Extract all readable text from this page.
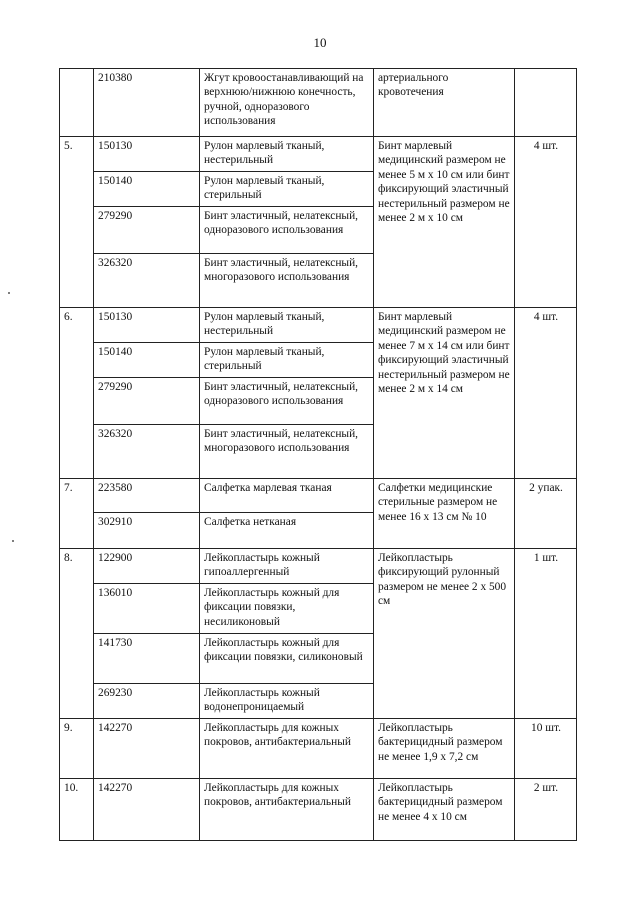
10
	210380	Жгут кровоостанавливающий на верхнюю/нижнюю конечность, ручной, одноразового использования	артериального кровотечения	
5.	150130	Рулон марлевый тканый, нестерильный	Бинт марлевый медицинский размером не менее 5 м x 10 см или бинт фиксирующий эластичный нестерильный размером не менее 2 м x 10 см	4 шт.
	150140	Рулон марлевый тканый, стерильный		
	279290	Бинт эластичный, нелатексный, одноразового использования		
	326320	Бинт эластичный, нелатексный, многоразового использования		
6.	150130	Рулон марлевый тканый, нестерильный	Бинт марлевый медицинский размером не менее 7 м x 14 см или бинт фиксирующий эластичный нестерильный размером не менее 2 м x 14 см	4 шт.
	150140	Рулон марлевый тканый, стерильный		
	279290	Бинт эластичный, нелатексный, одноразового использования		
	326320	Бинт эластичный, нелатексный, многоразового использования		
7.	223580	Салфетка марлевая тканая	Салфетки медицинские стерильные размером не менее 16 x 13 см № 10	2 упак.
	302910	Салфетка нетканая		
8.	122900	Лейкопластырь кожный гипоаллергенный	Лейкопластырь фиксирующий рулонный размером не менее 2 x 500 см	1 шт.
	136010	Лейкопластырь кожный для фиксации повязки, несиликоновый		
	141730	Лейкопластырь кожный для фиксации повязки, силиконовый		
	269230	Лейкопластырь кожный водонепроницаемый		
9.	142270	Лейкопластырь для кожных покровов, антибактериальный	Лейкопластырь бактерицидный размером не менее 1,9 x 7,2 см	10 шт.
10.	142270	Лейкопластырь для кожных покровов, антибактериальный	Лейкопластырь бактерицидный размером не менее 4 x 10 см	2 шт.
